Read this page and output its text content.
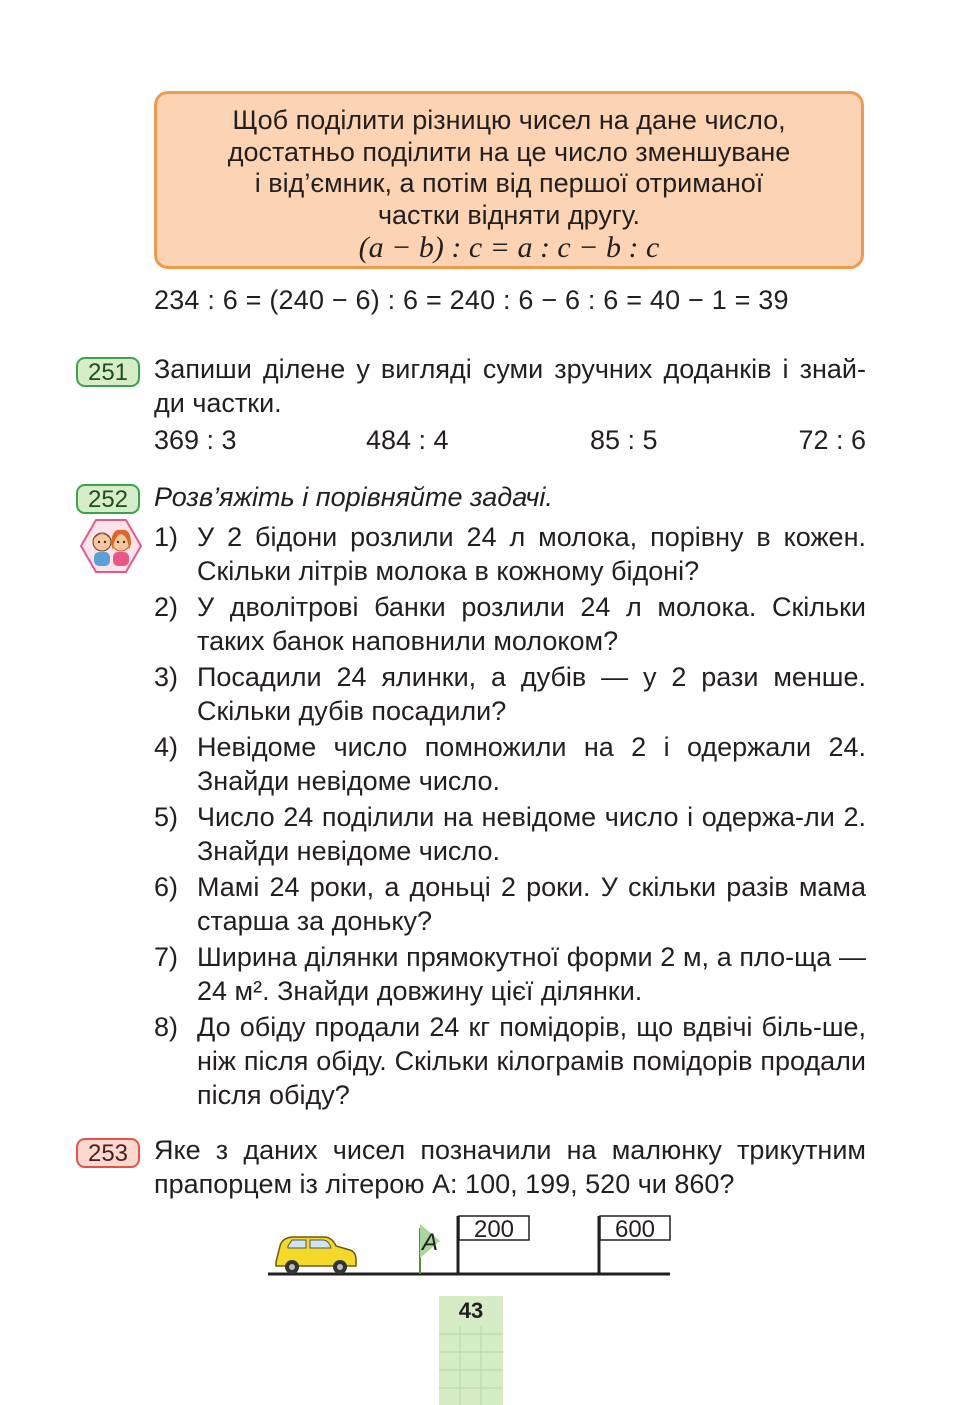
Щоб поділити різницю чисел на дане число,
достатньо поділити на це число зменшуване
і від’ємник, а потім від першої отриманої
частки відняти другу.
(a − b) : c = a : c − b : c
234 : 6 = (240 − 6) : 6 = 240 : 6 − 6 : 6 = 40 − 1 = 39
251 Запиши ділене у вигляді суми зручних доданків і знай-ди частки.
369 : 3	484 : 4	85 : 5	72 : 6
252 Розв’яжіть і порівняйте задачі.
1) У 2 бідони розлили 24 л молока, порівну в кожен. Скільки літрів молока в кожному бідоні?
2) У дволітрові банки розлили 24 л молока. Скільки таких банок наповнили молоком?
3) Посадили 24 ялинки, а дубів — у 2 рази менше. Скільки дубів посадили?
4) Невідоме число помножили на 2 і одержали 24. Знайди невідоме число.
5) Число 24 поділили на невідоме число і одержа-ли 2. Знайди невідоме число.
6) Мамі 24 роки, а доньці 2 роки. У скільки разів мама старша за доньку?
7) Ширина ділянки прямокутної форми 2 м, а пло-ща — 24 м². Знайди довжину цієї ділянки.
8) До обіду продали 24 кг помідорів, що вдвічі біль-ше, ніж після обіду. Скільки кілограмів помідорів продали після обіду?
253 Яке з даних чисел позначили на малюнку трикутним прапорцем із літерою A: 100, 199, 520 чи 860?
A 200	600
43
